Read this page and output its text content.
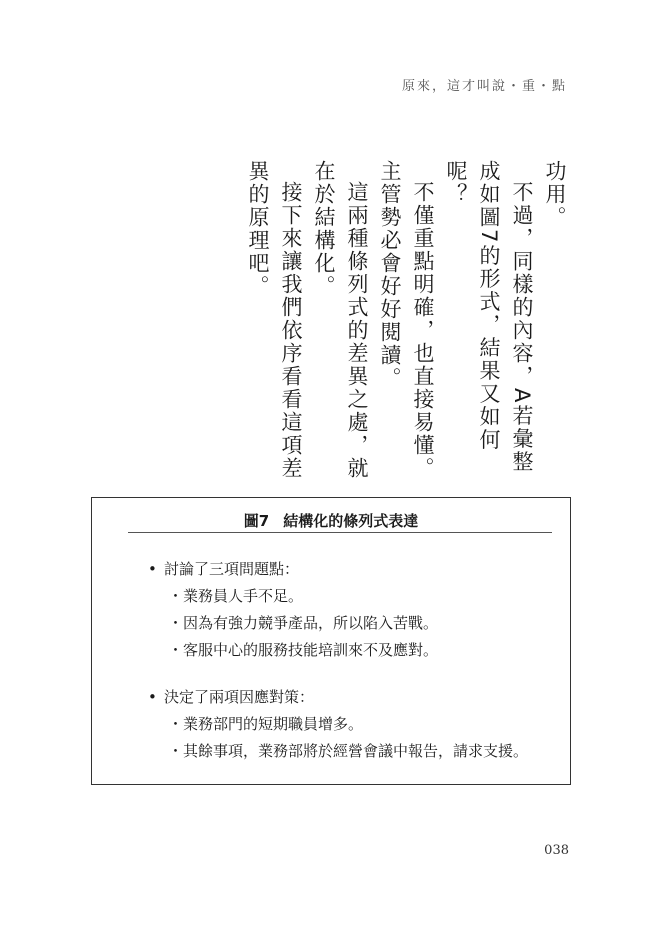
原來，這才叫說・重・點

功用。

不過，同樣的內容，A若彙整成如圖7的形式，結果又如何呢？

不僅重點明確，也直接易懂。主管勢必會好好閱讀。

這兩種條列式的差異之處，就在於結構化。

接下來讓我們依序看看這項差異的原理吧。

圖7 結構化的條列式表達
• 討論了三項問題點：
・業務員人手不足。
・因為有強力競爭產品，所以陷入苦戰。
・客服中心的服務技能培訓來不及應對。
• 決定了兩項因應對策：
・業務部門的短期職員增多。
・其餘事項，業務部將於經營會議中報告，請求支援。
038
